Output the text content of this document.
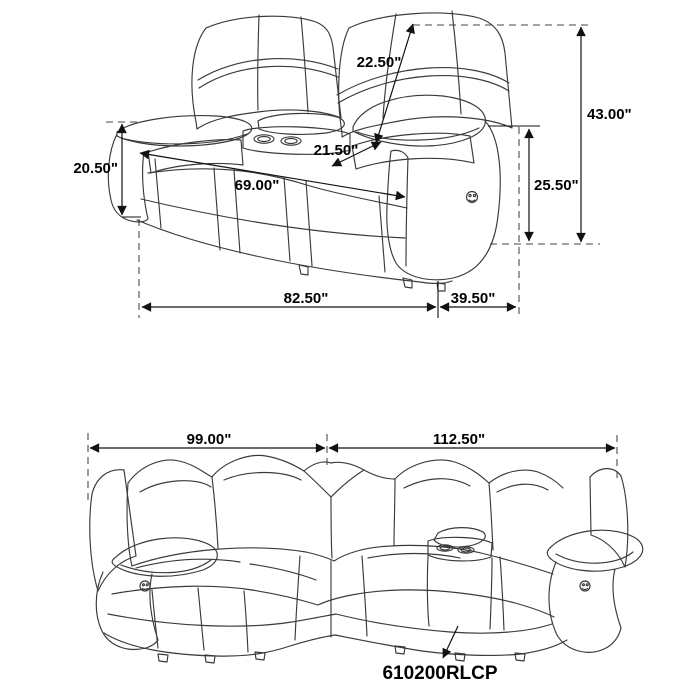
22.50"
43.00"
20.50"
21.50"
69.00"	25.50"
82.50"	39.50"
99.00"	112.50"
610200RLCP
